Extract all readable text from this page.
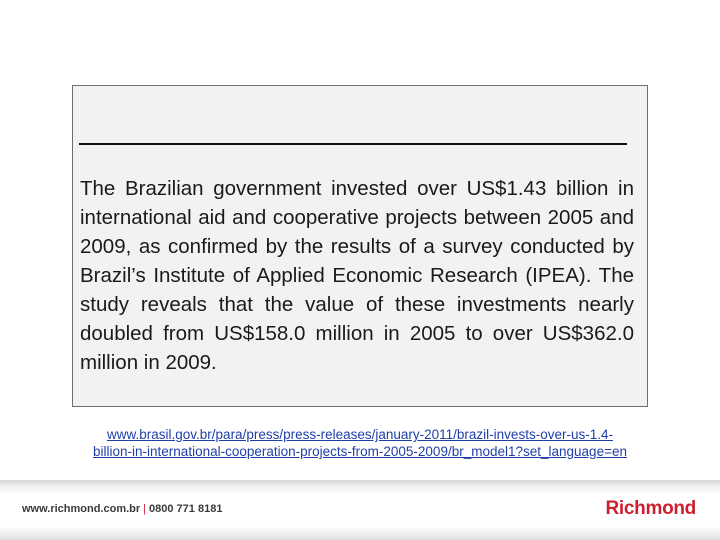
The Brazilian government invested over US$1.43 billion in international aid and cooperative projects between 2005 and 2009, as confirmed by the results of a survey conducted by Brazil’s Institute of Applied Economic Research (IPEA). The study reveals that the value of these investments nearly doubled from US$158.0 million in 2005 to over US$362.0 million in 2009.

www.brasil.gov.br/para/press/press-releases/january-2011/brazil-invests-over-us-1.4-
billion-in-international-cooperation-projects-from-2005-2009/br_model1?set_language=en
www.richmond.com.br | 0800 771 8181	Richmond
